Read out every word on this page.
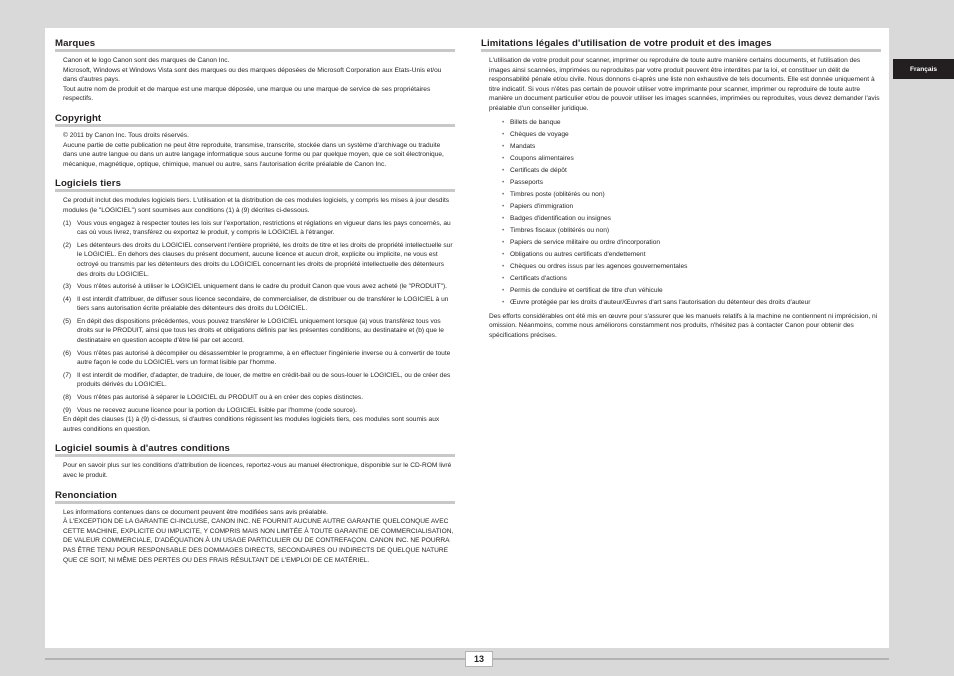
Marques

Canon et le logo Canon sont des marques de Canon Inc.
Microsoft, Windows et Windows Vista sont des marques ou des marques déposées de Microsoft Corporation aux Etats-Unis et/ou dans d'autres pays.
Tout autre nom de produit et de marque est une marque déposée, une marque ou une marque de service de ses propriétaires respectifs.

Copyright

© 2011 by Canon Inc. Tous droits réservés.
Aucune partie de cette publication ne peut être reproduite, transmise, transcrite, stockée dans un système d'archivage ou traduite dans une autre langue ou dans un autre langage informatique sous aucune forme ou par quelque moyen, que ce soit électronique, mécanique, magnétique, optique, chimique, manuel ou autre, sans l'autorisation écrite préalable de Canon Inc.

Logiciels tiers

Ce produit inclut des modules logiciels tiers. L'utilisation et la distribution de ces modules logiciels, y compris les mises à jour desdits modules (le "LOGICIEL") sont soumises aux conditions (1) à (9) décrites ci-dessous.

(1) Vous vous engagez à respecter toutes les lois sur l'exportation, restrictions et réglations en vigueur dans les pays concernés, au cas où vous livrez, transférez ou exportez le produit, y compris le LOGICIEL à l'étranger.
(2) Les détenteurs des droits du LOGICIEL conservent l'entière propriété, les droits de titre et les droits de propriété intellectuelle sur le LOGICIEL. En dehors des clauses du présent document, aucune licence et aucun droit, explicite ou implicite, ne vous est octroyé ou transmis par les détenteurs des droits du LOGICIEL concernant les droits de propriété intellectuelle des détenteurs des droits du LOGICIEL.
(3) Vous n'êtes autorisé à utiliser le LOGICIEL uniquement dans le cadre du produit Canon que vous avez acheté (le "PRODUIT").
(4) Il est interdit d'attribuer, de diffuser sous licence secondaire, de commercialiser, de distribuer ou de transférer le LOGICIEL à un tiers sans autorisation écrite préalable des détenteurs des droits du LOGICIEL.
(5) En dépit des dispositions précédentes, vous pouvez transférer le LOGICIEL uniquement lorsque (a) vous transférez tous vos droits sur le PRODUIT, ainsi que tous les droits et obligations définis par les présentes conditions, au destinataire et (b) que le destinataire en question accepte d'être lié par cet accord.
(6) Vous n'êtes pas autorisé à décompiler ou désassembler le programme, à en effectuer l'ingénierie inverse ou à convertir de toute autre façon le code du LOGICIEL vers un format lisible par l'homme.
(7) Il est interdit de modifier, d'adapter, de traduire, de louer, de mettre en crédit-bail ou de sous-louer le LOGICIEL, ou de créer des produits dérivés du LOGICIEL.
(8) Vous n'êtes pas autorisé à séparer le LOGICIEL du PRODUIT ou à en créer des copies distinctes.
(9) Vous ne recevez aucune licence pour la portion du LOGICIEL lisible par l'homme (code source).

En dépit des clauses (1) à (9) ci-dessus, si d'autres conditions régissent les modules logiciels tiers, ces modules sont soumis aux autres conditions en question.

Logiciel soumis à d'autres conditions

Pour en savoir plus sur les conditions d'attribution de licences, reportez-vous au manuel électronique, disponible sur le CD-ROM livré avec le produit.

Renonciation

Les informations contenues dans ce document peuvent être modifiées sans avis préalable.
À L'EXCEPTION DE LA GARANTIE CI-INCLUSE, CANON INC. NE FOURNIT AUCUNE AUTRE GARANTIE QUELCONQUE AVEC CETTE MACHINE, EXPLICITE OU IMPLICITE, Y COMPRIS MAIS NON LIMITÉE À TOUTE GARANTIE DE COMMERCIALISATION, DE VALEUR COMMERCIALE, D'ADÉQUATION À UN USAGE PARTICULIER OU DE CONTREFAÇON. CANON INC. NE POURRA PAS ÊTRE TENU POUR RESPONSABLE DES DOMMAGES DIRECTS, SECONDAIRES OU INDIRECTS DE QUELQUE NATURE QUE CE SOIT, NI MÊME DES PERTES OU DES FRAIS RÉSULTANT DE L'EMPLOI DE CE MATÉRIEL.

Limitations légales d'utilisation de votre produit et des images

L'utilisation de votre produit pour scanner, imprimer ou reproduire de toute autre manière certains documents, et l'utilisation des images ainsi scannées, imprimées ou reproduites par votre produit peuvent être interdites par la loi, et constituer un délit de responsabilité pénale et/ou civile. Nous donnons ci-après une liste non exhaustive de tels documents. Elle est donnée uniquement à titre indicatif. Si vous n'êtes pas certain de pouvoir utiliser votre imprimante pour scanner, imprimer ou reproduire de toute autre manière un document particulier et/ou de pouvoir utiliser les images scannées, imprimées ou reproduites, vous devez demander l'avis préalable d'un conseiller juridique.

• Billets de banque
• Chèques de voyage
• Mandats
• Coupons alimentaires
• Certificats de dépôt
• Passeports
• Timbres poste (oblitérés ou non)
• Papiers d'immigration
• Badges d'identification ou insignes
• Timbres fiscaux (oblitérés ou non)
• Papiers de service militaire ou ordre d'incorporation
• Obligations ou autres certificats d'endettement
• Chèques ou ordres issus par les agences gouvernementales
• Certificats d'actions
• Permis de conduire et certificat de titre d'un véhicule
• Œuvre protégée par les droits d'auteur/Œuvres d'art sans l'autorisation du détenteur des droits d'auteur

Des efforts considérables ont été mis en œuvre pour s'assurer que les manuels relatifs à la machine ne contiennent ni imprécision, ni omission. Néanmoins, comme nous améliorons constamment nos produits, n'hésitez pas à contacter Canon pour obtenir des spécifications précises.

Français
13
